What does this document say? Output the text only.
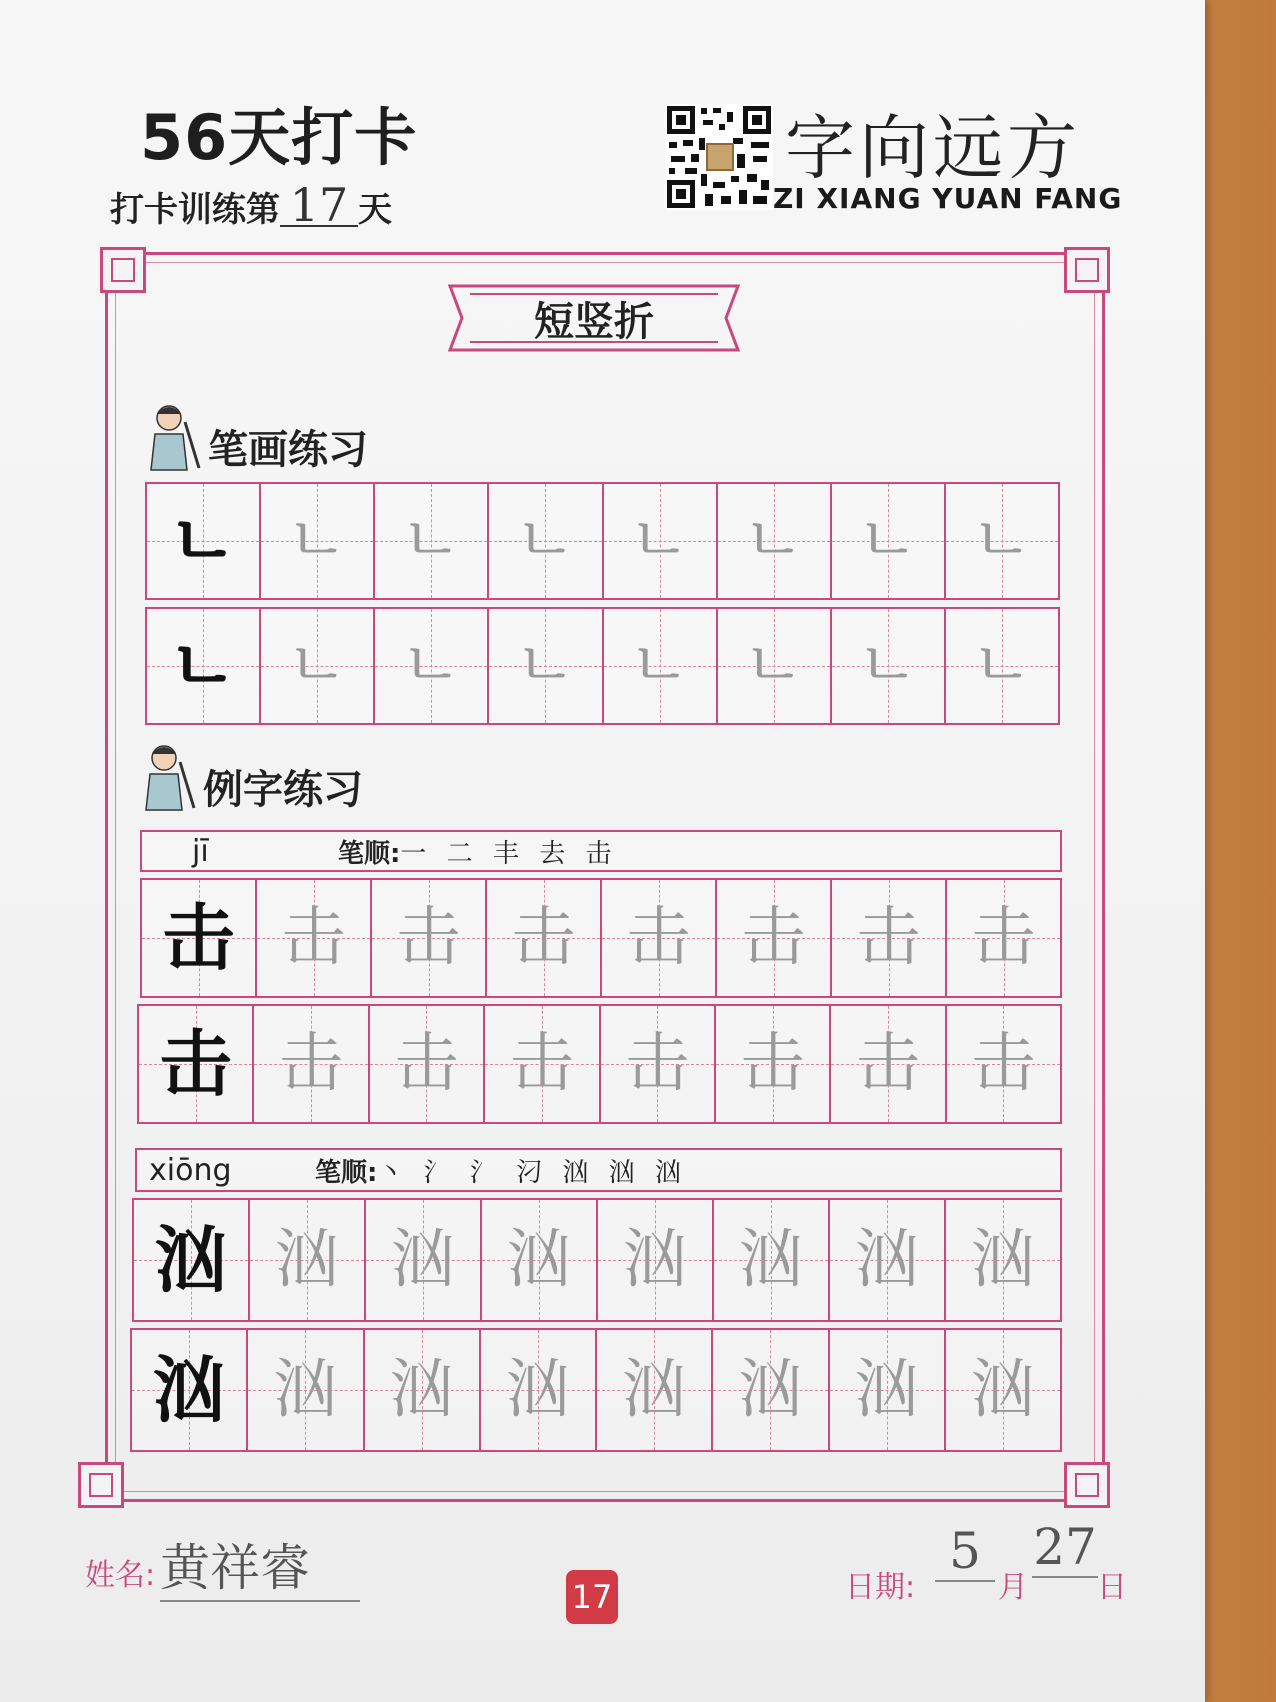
56天打卡
打卡训练第 17 天
字向远方
ZI XIANG YUAN FANG
短竖折
笔画练习
ㄴ ㄴ ㄴ ㄴ ㄴ ㄴ ㄴ ㄴ
ㄴ ㄴ ㄴ ㄴ ㄴ ㄴ ㄴ ㄴ
例字练习
jī	笔顺: 一 二 丰 去 击
击 击 击 击 击 击 击 击
击 击 击 击 击 击 击 击
xiōng	笔顺: 丶 氵 氵 汈 汹 汹 汹
汹 汹 汹 汹 汹 汹 汹 汹
汹 汹 汹 汹 汹 汹 汹 汹
姓名: 黄祥睿	17	日期:
5
月
27
日
